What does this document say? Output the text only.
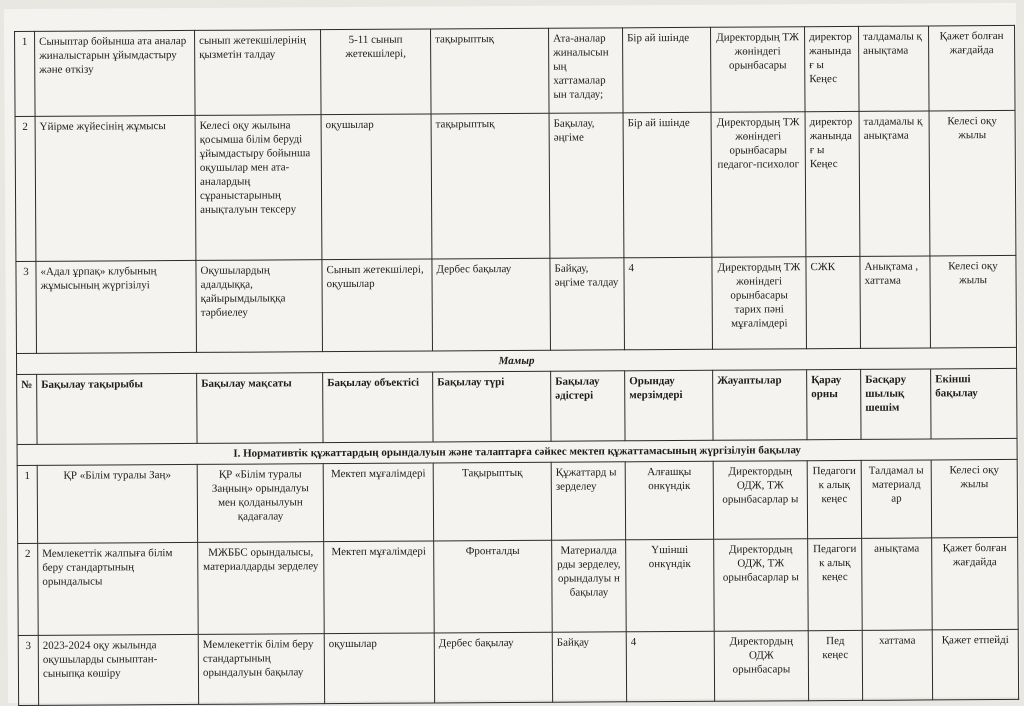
1	Сыныптар бойынша ата аналар жиналыстарын ұйымдастыру және өткізу	сынып жетекшілерінің қызметін талдау	5-11 сынып жетекшілері,	тақырыптық	Ата-аналар жиналысын ың хаттамалар ын талдау;	Бір ай ішінде	Директордың ТЖ жөніндегі орынбасары	директор жанындағ ы Кеңес	талдамалы қ анықтама	Қажет болған жағдайда
2	Үйірме жүйесінің жұмысы	Келесі оқу жылына қосымша білім беруді ұйымдастыру бойынша оқушылар мен ата-аналардың сұраныстарының анықталуын тексеру	оқушылар	тақырыптық	Бақылау, әңгіме	Бір ай ішінде	Директордың ТЖ жөніндегі орынбасары педагог-психолог	директор жанындағ ы Кеңес	талдамалы қ анықтама	Келесі оқу жылы
3	«Адал ұрпақ» клубының жұмысының жүргізілуі	Оқушылардың адалдыққа, қайырымдылыққа тәрбиелеу	Сынып жетекшілері, оқушылар	Дербес бақылау	Байқау, әңгіме талдау	4	Директордың ТЖ жөніндегі орынбасары тарих пәні мұғалімдері	СЖК	Анықтама , хаттама	Келесі оқу жылы
Мамыр										
№	Бақылау тақырыбы	Бақылау мақсаты	Бақылау объектісі	Бақылау түрі	Бақылау әдістері	Орындау мерзімдері	Жауаптылар	Қарау орны	Басқару шылық шешім	Екінші бақылау
І. Нормативтік құжаттардың орындалуын және талаптарға сәйкес мектеп құжаттамасының жүргізілуін бақылау										
1	ҚР «Білім туралы Заң»	ҚР «Білім туралы Заңның» орындалуы мен қолданылуын қадағалау	Мектеп мұғалімдері	Тақырыптық	Құжаттард ы зерделеу	Алғашқы онкүндік	Директордың ОДЖ, ТЖ орынбасарлар ы	Педагогик алық кеңес	Талдамал ы материалд ар	Келесі оқу жылы
2	Мемлекеттік жалпыға білім беру стандартының орындалысы	МЖББС орындалысы, материалдарды зерделеу	Мектеп мұғалімдері	Фронталды	Материалда рды зерделеу, орындалуы н бақылау	Үшінші онкүндік	Директордың ОДЖ, ТЖ орынбасарлар ы	Педагогик алық кеңес	анықтама	Қажет болған жағдайда
3	2023-2024 оқу жылында оқушыларды сыныптан-сыныпқа көшіру	Мемлекеттік білім беру стандартының орындалуын бақылау	оқушылар	Дербес бақылау	Байқау	4	Директордың ОДЖ орынбасары	Пед кеңес	хаттама	Қажет етпейді
